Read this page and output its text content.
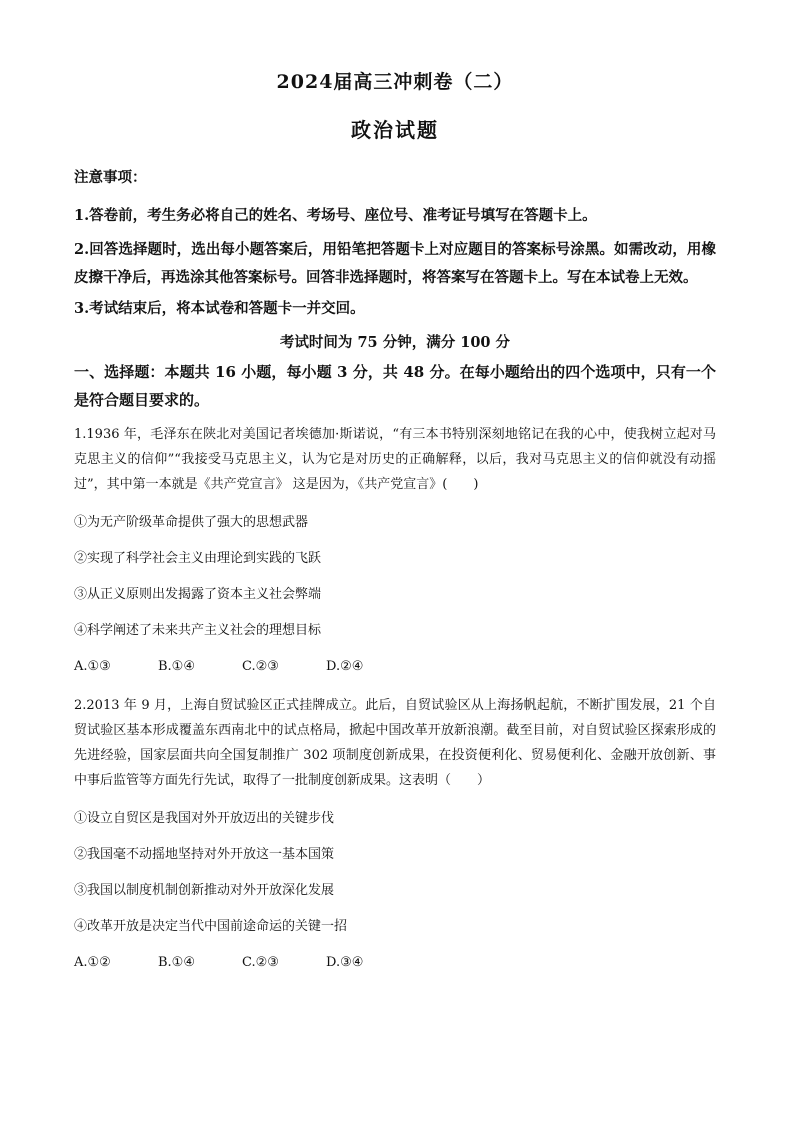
2024届高三冲刺卷（二）
政治试题
注意事项：

1.答卷前，考生务必将自己的姓名、考场号、座位号、准考证号填写在答题卡上。

2.回答选择题时，选出每小题答案后，用铅笔把答题卡上对应题目的答案标号涂黑。如需改动，用橡皮擦干净后，再选涂其他答案标号。回答非选择题时，将答案写在答题卡上。写在本试卷上无效。

3.考试结束后，将本试卷和答题卡一并交回。

考试时间为 75 分钟，满分 100 分
一、选择题：本题共 16 小题，每小题 3 分，共 48 分。在每小题给出的四个选项中，只有一个是符合题目要求的。
1.1936 年，毛泽东在陕北对美国记者埃德加·斯诺说，“有三本书特别深刻地铭记在我的心中，使我树立起对马克思主义的信仰”“我接受马克思主义，认为它是对历史的正确解释，以后，我对马克思主义的信仰就没有动摇过”，其中第一本就是《共产党宣言》 这是因为，《共产党宣言》(　　)
①为无产阶级革命提供了强大的思想武器
②实现了科学社会主义由理论到实践的飞跃
③从正义原则出发揭露了资本主义社会弊端
④科学阐述了未来共产主义社会的理想目标
A.①③	B.①④	C.②③	D.②④
2.2013 年 9 月，上海自贸试验区正式挂牌成立。此后，自贸试验区从上海扬帆起航，不断扩围发展，21 个自贸试验区基本形成覆盖东西南北中的试点格局，掀起中国改革开放新浪潮。截至目前，对自贸试验区探索形成的先进经验，国家层面共向全国复制推广 302 项制度创新成果，在投资便利化、贸易便利化、金融开放创新、事中事后监管等方面先行先试，取得了一批制度创新成果。这表明（　　）
①设立自贸区是我国对外开放迈出的关键步伐
②我国毫不动摇地坚持对外开放这一基本国策
③我国以制度机制创新推动对外开放深化发展
④改革开放是决定当代中国前途命运的关键一招
A.①②	B.①④	C.②③	D.③④
